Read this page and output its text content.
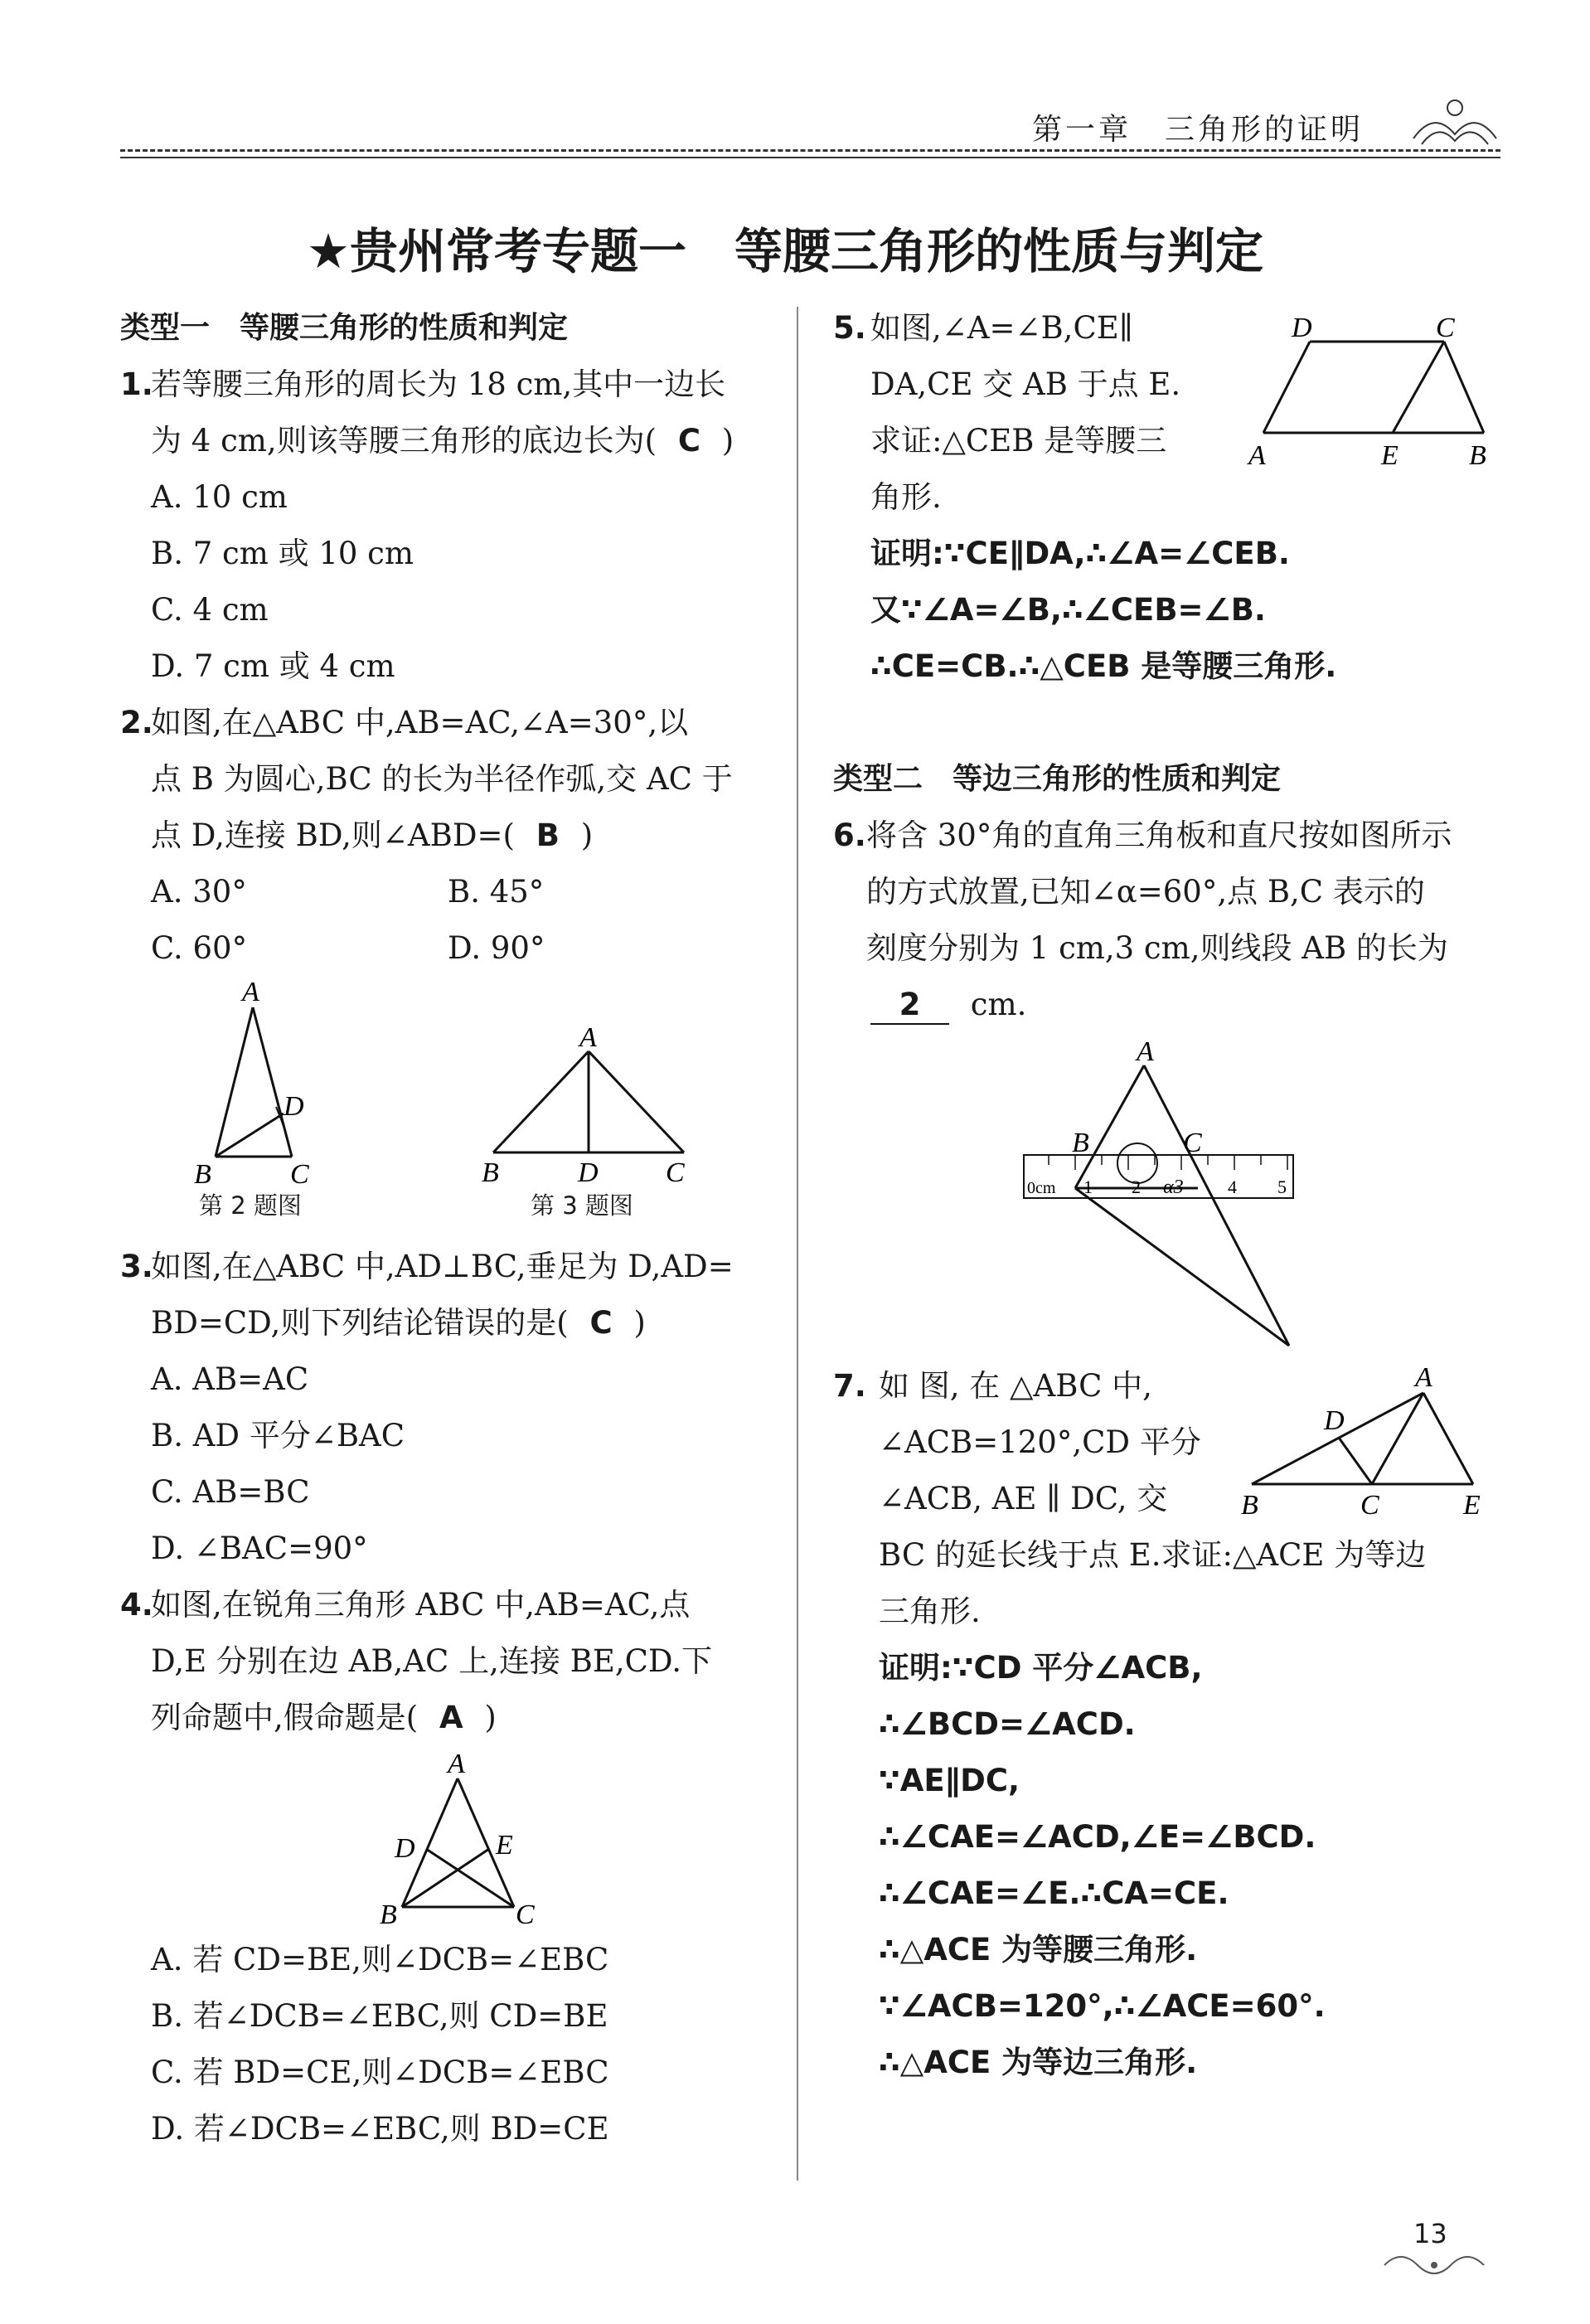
第一章　三角形的证明
★贵州常考专题一　等腰三角形的性质与判定
类型一　等腰三角形的性质和判定
1.
若等腰三角形的周长为 18 cm,其中一边长
为 4 cm,则该等腰三角形的底边长为( C )
A. 10 cm
B. 7 cm 或 10 cm
C. 4 cm
D. 7 cm 或 4 cm
2.
如图,在△ABC 中,AB=AC,∠A=30°,以
点 B 为圆心,BC 的长为半径作弧,交 AC 于
点 D,连接 BD,则∠ABD=( B )
A. 30°	B. 45°
C. 60°	D. 90°
A
D
B	C
第 2 题图
A
B	D C
第 3 题图
3.
如图,在△ABC 中,AD⊥BC,垂足为 D,AD=
BD=CD,则下列结论错误的是( C )
A. AB=AC
B. AD 平分∠BAC
C. AB=BC
D. ∠BAC=90°
4.
如图,在锐角三角形 ABC 中,AB=AC,点
D,E 分别在边 AB,AC 上,连接 BE,CD.下
列命题中,假命题是( A )
A
D	E
B	C
A. 若 CD=BE,则∠DCB=∠EBC
B. 若∠DCB=∠EBC,则 CD=BE
C. 若 BD=CE,则∠DCB=∠EBC
D. 若∠DCB=∠EBC,则 BD=CE
5. 如图,∠A=∠B,CE∥
DA,CE 交 AB 于点 E.
求证:△CEB 是等腰三
角形.
D	C
A	E	B
证明:∵CE∥DA,∴∠A=∠CEB.
又∵∠A=∠B,∴∠CEB=∠B.
∴CE=CB.∴△CEB 是等腰三角形.
类型二　等边三角形的性质和判定
6. 将含 30°角的直角三角板和直尺按如图所示
的方式放置,已知∠α=60°,点 B,C 表示的
刻度分别为 1 cm,3 cm,则线段 AB 的长为
2 cm.
A
B	C
0cm 1 2 α3 4 5
7. 如 图, 在 △ABC 中,
∠ACB=120°,CD 平分
∠ACB, AE ∥ DC, 交
BC 的延长线于点 E.求证:△ACE 为等边
三角形.
A
D
B	C	E
证明:∵CD 平分∠ACB,
∴∠BCD=∠ACD.
∵AE∥DC,
∴∠CAE=∠ACD,∠E=∠BCD.
∴∠CAE=∠E.∴CA=CE.
∴△ACE 为等腰三角形.
∵∠ACB=120°,∴∠ACE=60°.
∴△ACE 为等边三角形.
13
